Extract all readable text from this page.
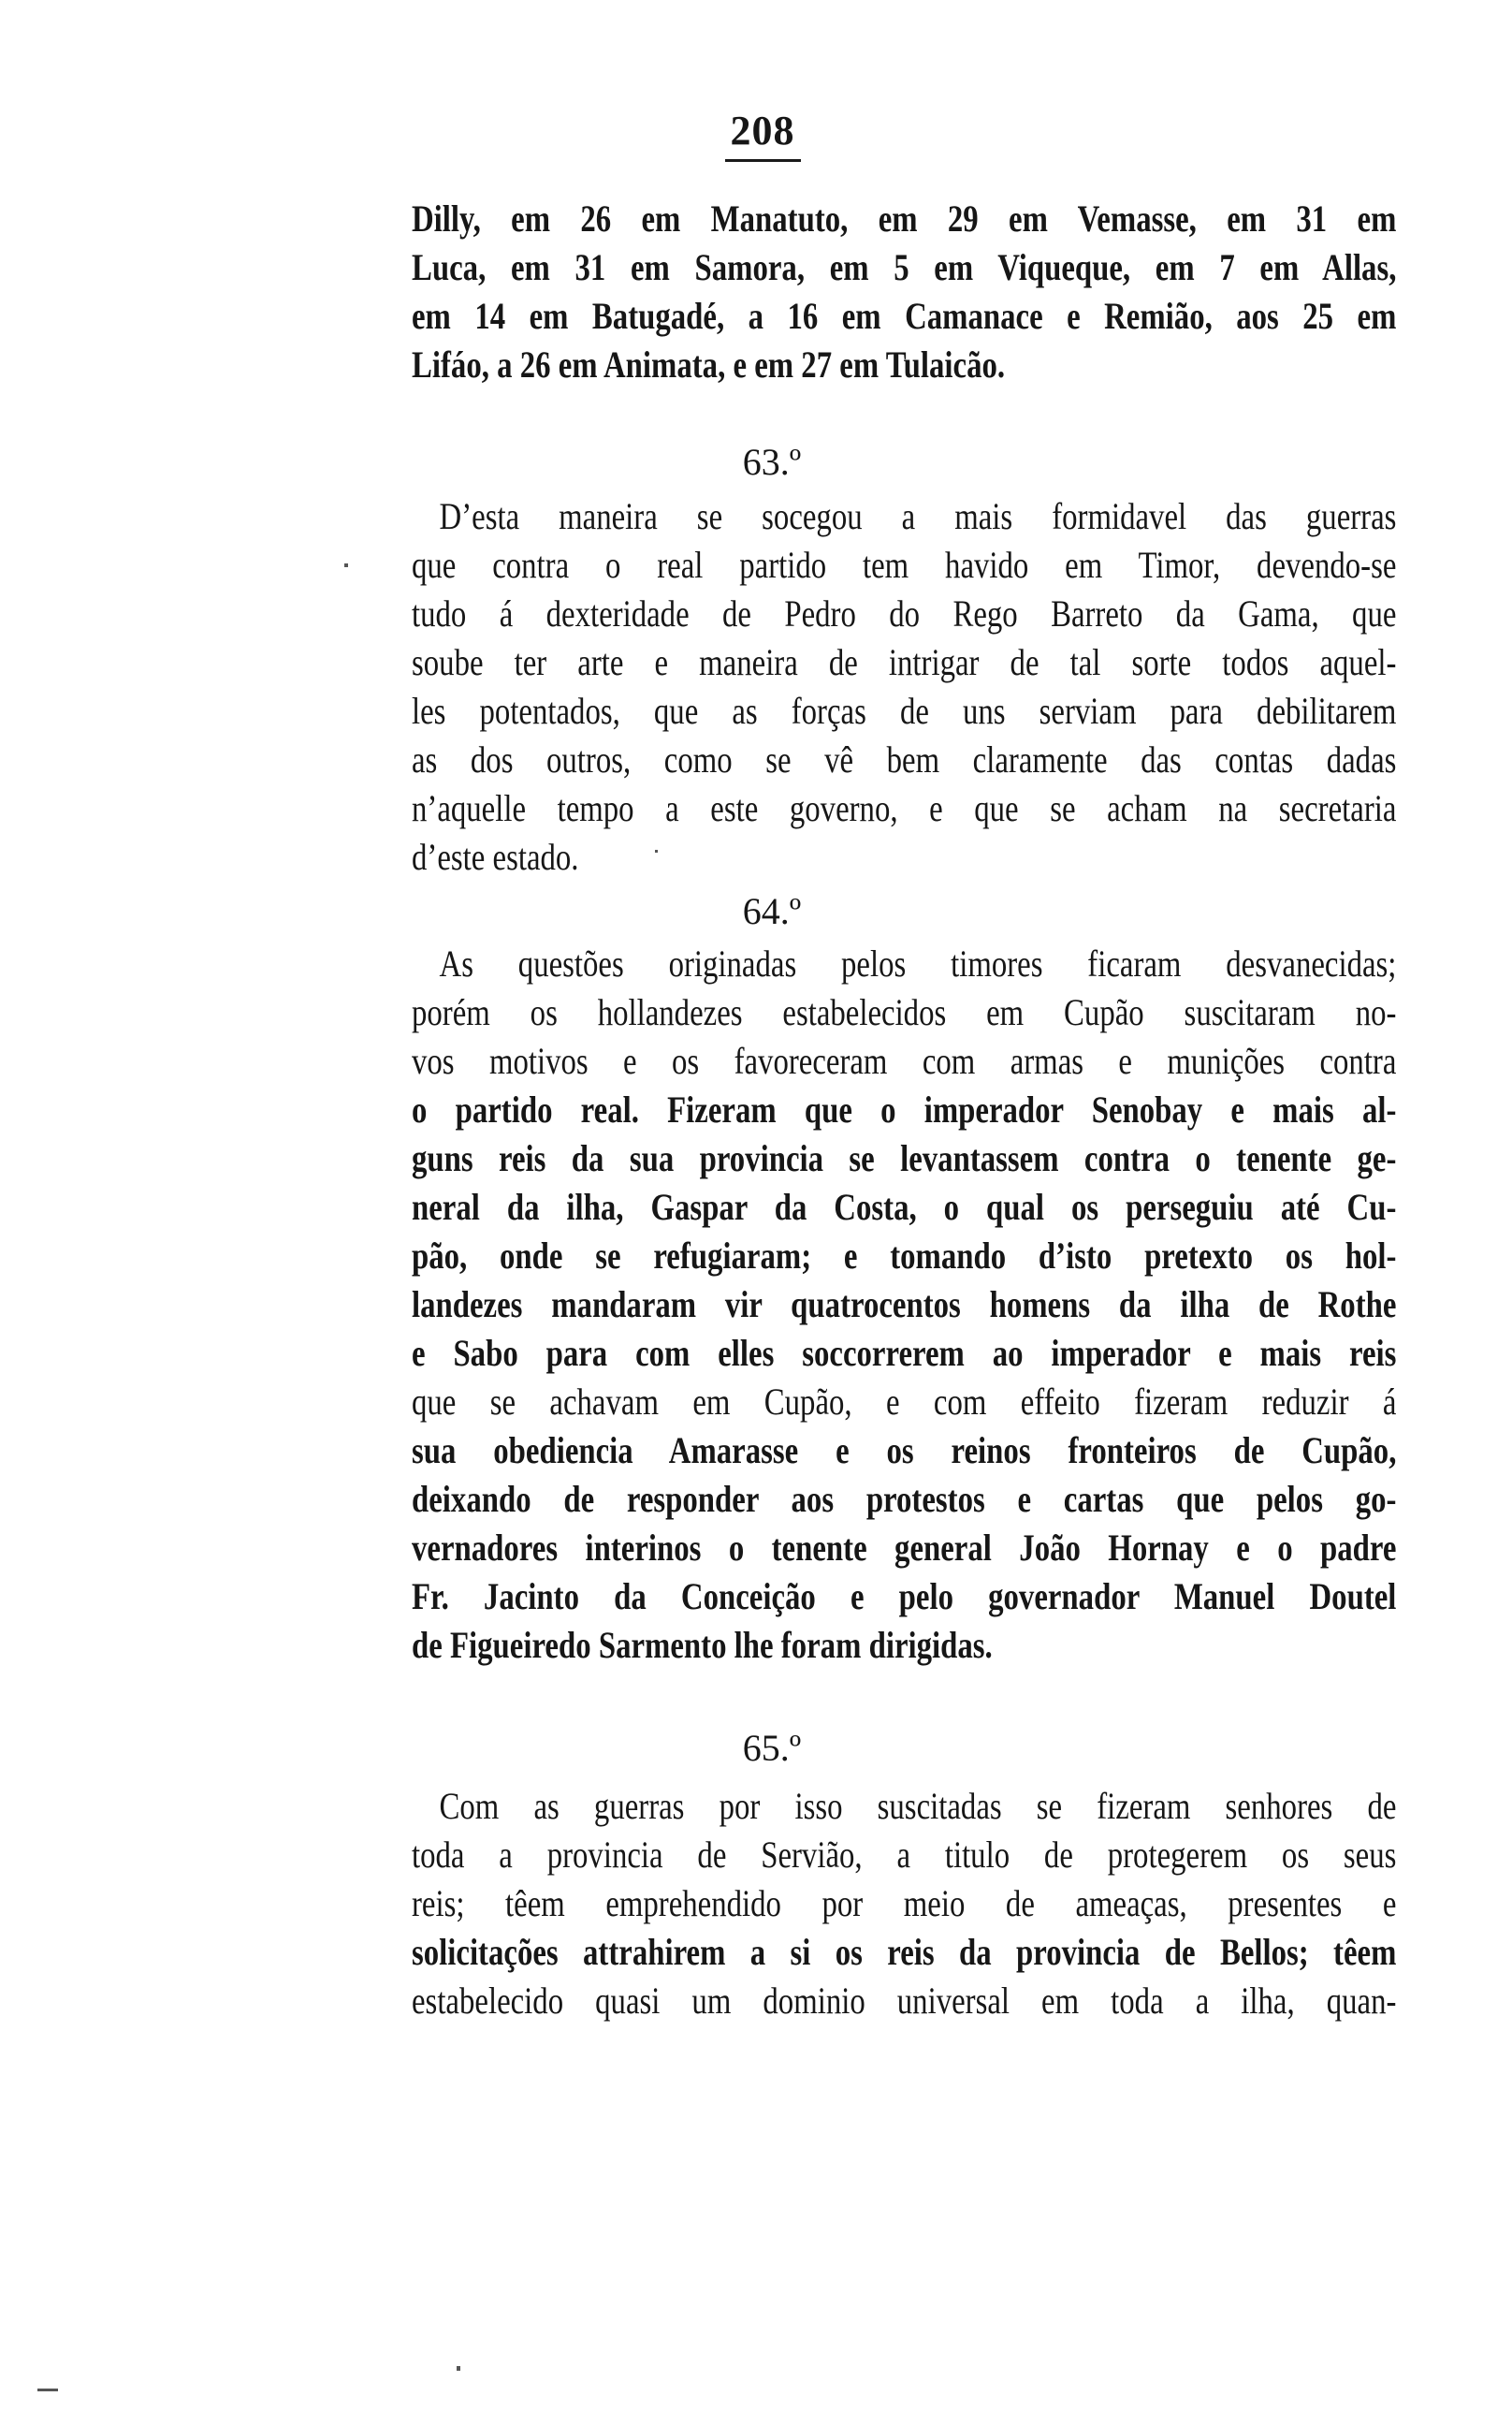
208
Dilly, em 26 em Manatuto, em 29 em Vemasse, em 31 em
Luca, em 31 em Samora, em 5 em Viqueque, em 7 em Allas,
em 14 em Batugadé, a 16 em Camanace e Remião, aos 25 em
Lifáo, a 26 em Animata, e em 27 em Tulaicão.
63.º
D’esta maneira se socegou a mais formidavel das guerras
que contra o real partido tem havido em Timor, devendo-se
tudo á dexteridade de Pedro do Rego Barreto da Gama, que
soube ter arte e maneira de intrigar de tal sorte todos aquel-
les potentados, que as forças de uns serviam para debilitarem
as dos outros, como se vê bem claramente das contas dadas
n’aquelle tempo a este governo, e que se acham na secretaria
d’este estado.
64.º
As questões originadas pelos timores ficaram desvanecidas;
porém os hollandezes estabelecidos em Cupão suscitaram no-
vos motivos e os favoreceram com armas e munições contra
o partido real. Fizeram que o imperador Senobay e mais al-
guns reis da sua provincia se levantassem contra o tenente ge-
neral da ilha, Gaspar da Costa, o qual os perseguiu até Cu-
pão, onde se refugiaram; e tomando d’isto pretexto os hol-
landezes mandaram vir quatrocentos homens da ilha de Rothe
e Sabo para com elles soccorrerem ao imperador e mais reis
que se achavam em Cupão, e com effeito fizeram reduzir á
sua obediencia Amarasse e os reinos fronteiros de Cupão,
deixando de responder aos protestos e cartas que pelos go-
vernadores interinos o tenente general João Hornay e o padre
Fr. Jacinto da Conceição e pelo governador Manuel Doutel
de Figueiredo Sarmento lhe foram dirigidas.
65.º
Com as guerras por isso suscitadas se fizeram senhores de
toda a provincia de Servião, a titulo de protegerem os seus
reis; têem emprehendido por meio de ameaças, presentes e
solicitações attrahirem a si os reis da provincia de Bellos; têem
estabelecido quasi um dominio universal em toda a ilha, quan-
